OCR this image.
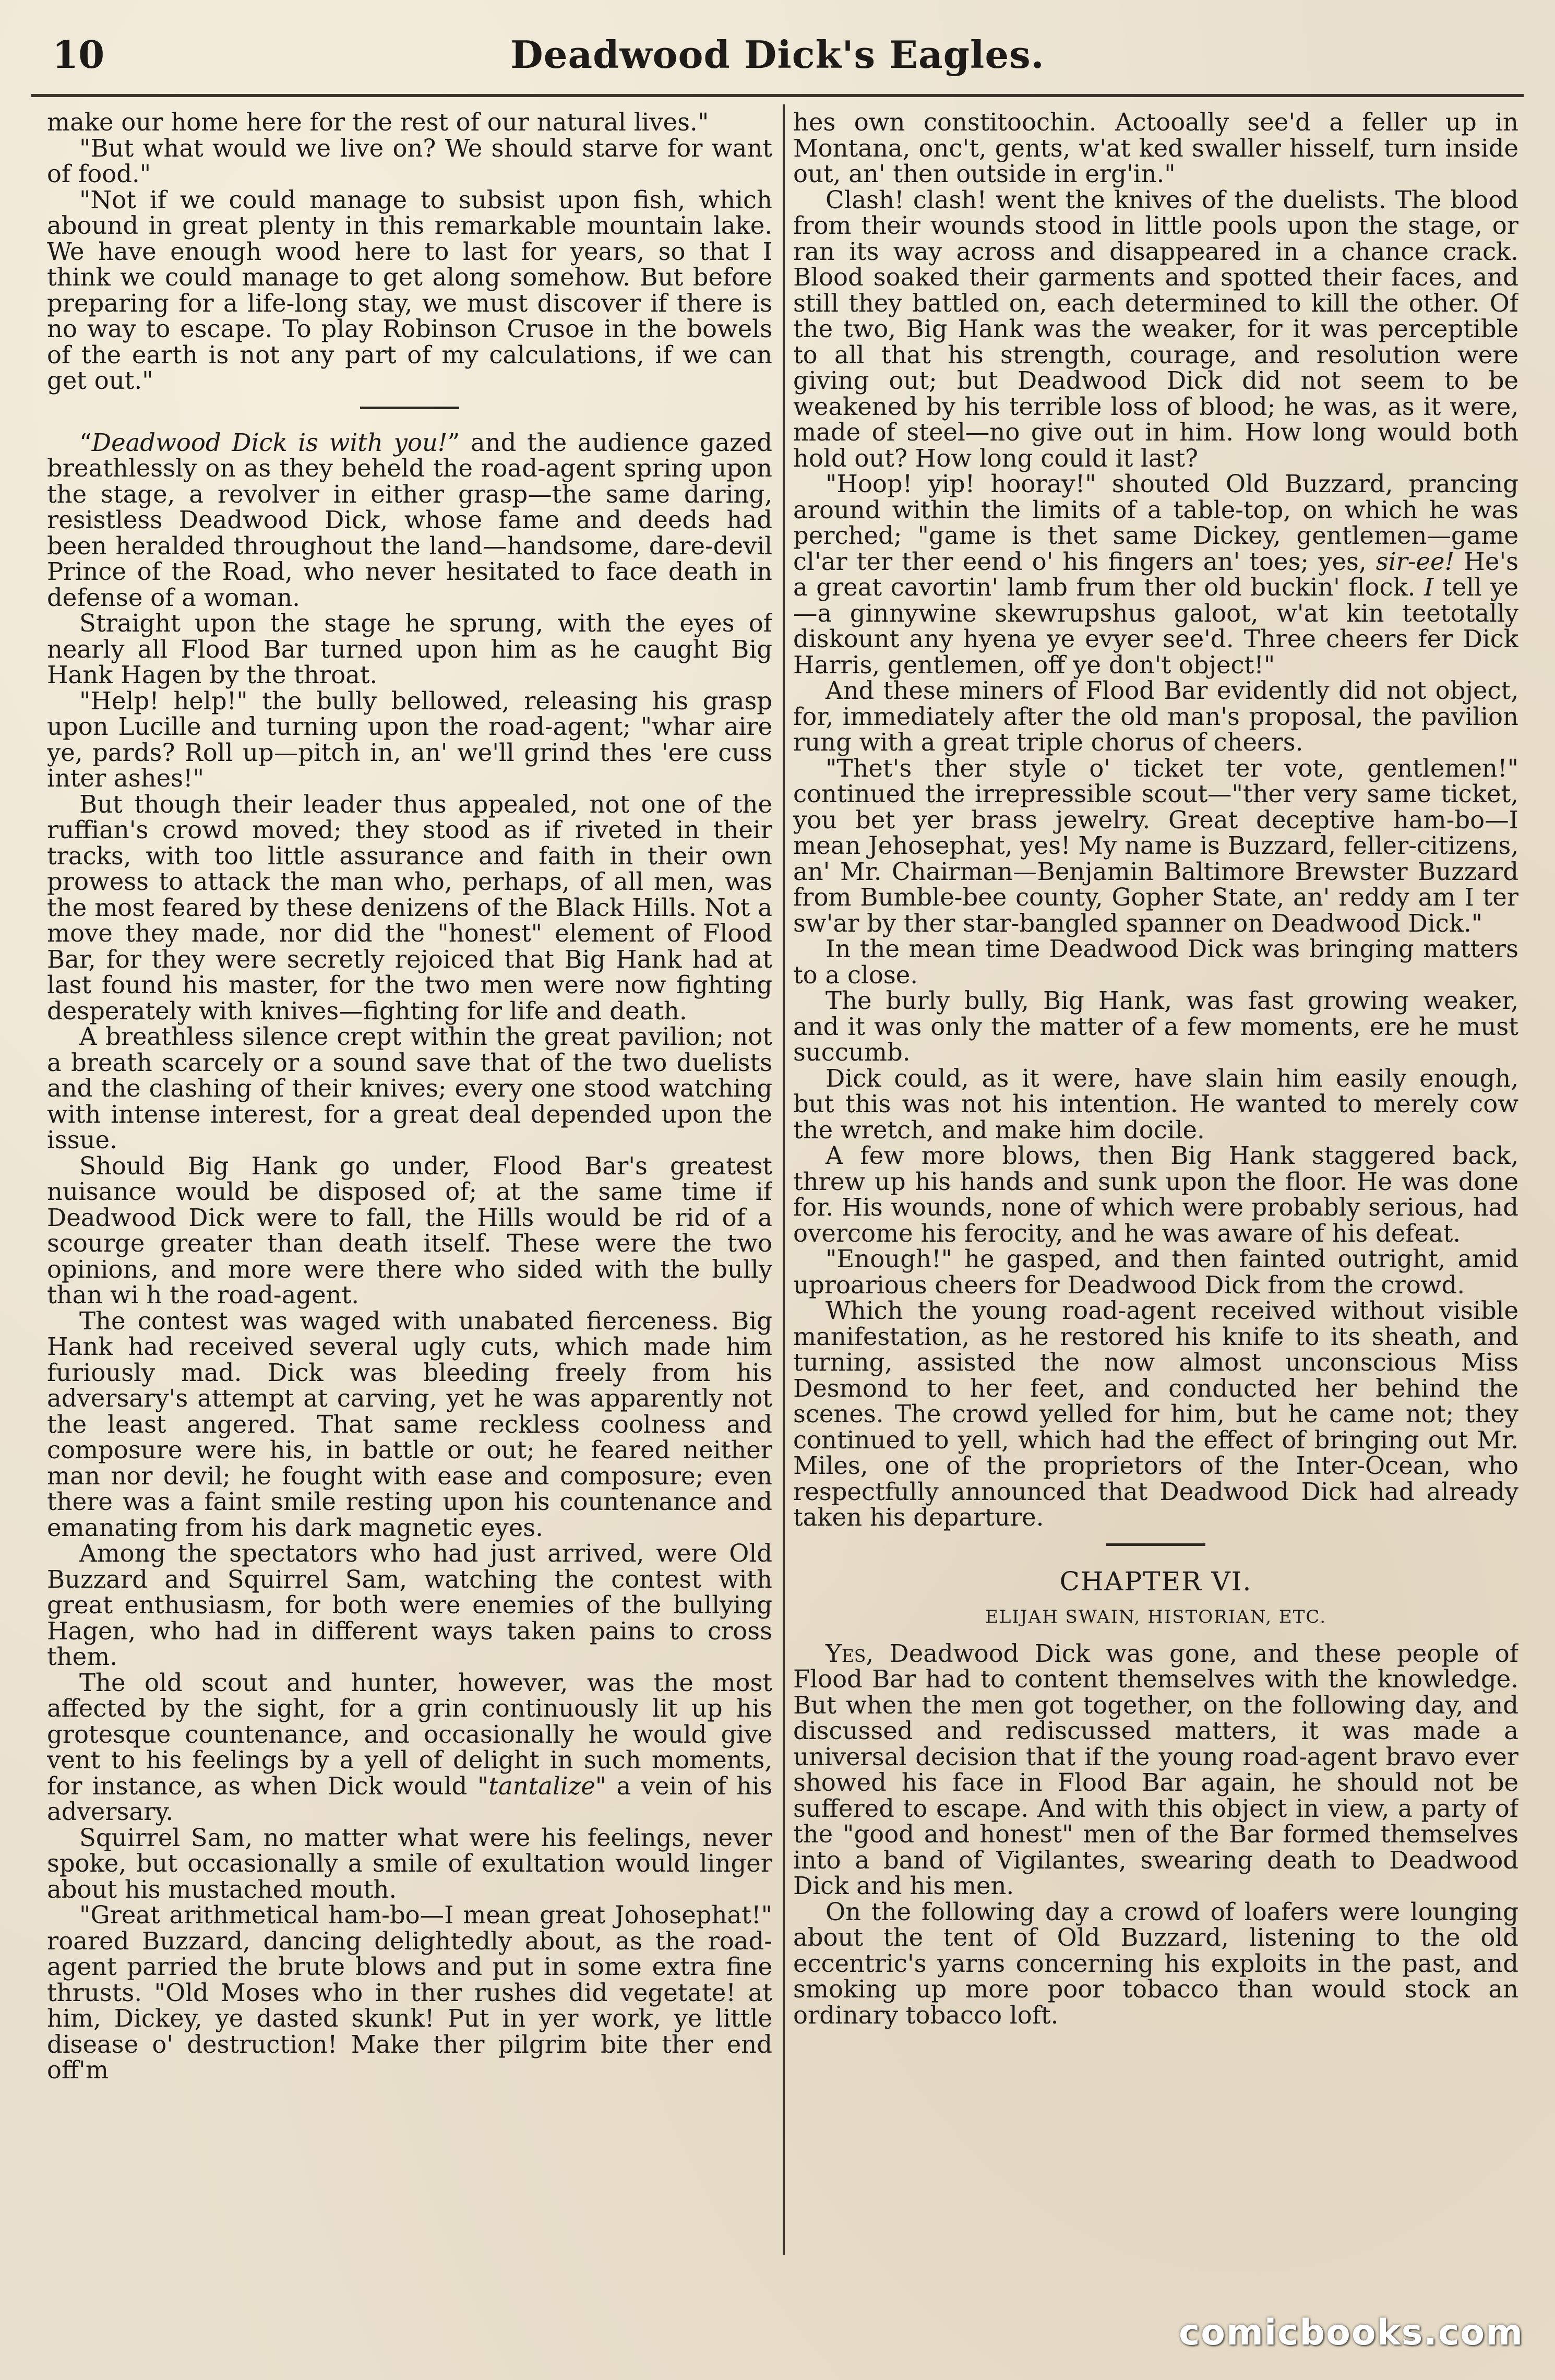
10	Deadwood Dick's Eagles.

make our home here for the rest of our natural lives."

"But what would we live on? We should starve for want of food."

"Not if we could manage to subsist upon fish, which abound in great plenty in this remarkable mountain lake. We have enough wood here to last for years, so that I think we could manage to get along somehow. But before preparing for a life-long stay, we must discover if there is no way to escape. To play Robinson Crusoe in the bowels of the earth is not any part of my calculations, if we can get out."

“Deadwood Dick is with you!” and the audience gazed breathlessly on as they beheld the road-agent spring upon the stage, a revolver in either grasp—the same daring, resistless Deadwood Dick, whose fame and deeds had been heralded throughout the land—handsome, dare-devil Prince of the Road, who never hesitated to face death in defense of a woman.

Straight upon the stage he sprung, with the eyes of nearly all Flood Bar turned upon him as he caught Big Hank Hagen by the throat.

"Help! help!" the bully bellowed, releasing his grasp upon Lucille and turning upon the road-agent; "whar aire ye, pards? Roll up—pitch in, an' we'll grind thes 'ere cuss inter ashes!"

But though their leader thus appealed, not one of the ruffian's crowd moved; they stood as if riveted in their tracks, with too little assurance and faith in their own prowess to attack the man who, perhaps, of all men, was the most feared by these denizens of the Black Hills. Not a move they made, nor did the "honest" element of Flood Bar, for they were secretly rejoiced that Big Hank had at last found his master, for the two men were now fighting desperately with knives—fighting for life and death.

A breathless silence crept within the great pavilion; not a breath scarcely or a sound save that of the two duelists and the clashing of their knives; every one stood watching with intense interest, for a great deal depended upon the issue.

Should Big Hank go under, Flood Bar's greatest nuisance would be disposed of; at the same time if Deadwood Dick were to fall, the Hills would be rid of a scourge greater than death itself. These were the two opinions, and more were there who sided with the bully than wi h the road-agent.

The contest was waged with unabated fierceness. Big Hank had received several ugly cuts, which made him furiously mad. Dick was bleeding freely from his adversary's attempt at carving, yet he was apparently not the least angered. That same reckless coolness and composure were his, in battle or out; he feared neither man nor devil; he fought with ease and composure; even there was a faint smile resting upon his countenance and emanating from his dark magnetic eyes.

Among the spectators who had just arrived, were Old Buzzard and Squirrel Sam, watching the contest with great enthusiasm, for both were enemies of the bullying Hagen, who had in different ways taken pains to cross them.

The old scout and hunter, however, was the most affected by the sight, for a grin continuously lit up his grotesque countenance, and occasionally he would give vent to his feelings by a yell of delight in such moments, for instance, as when Dick would "tantalize" a vein of his adversary.

Squirrel Sam, no matter what were his feelings, never spoke, but occasionally a smile of exultation would linger about his mustached mouth.

"Great arithmetical ham-bo—I mean great Johosephat!" roared Buzzard, dancing delightedly about, as the road-agent parried the brute blows and put in some extra fine thrusts. "Old Moses who in ther rushes did vegetate! at him, Dickey, ye dasted skunk! Put in yer work, ye little disease o' destruction! Make ther pilgrim bite ther end off'm

hes own constitoochin. Actooally see'd a feller up in Montana, onc't, gents, w'at ked swaller hisself, turn inside out, an' then outside in erg'in."

Clash! clash! went the knives of the duelists. The blood from their wounds stood in little pools upon the stage, or ran its way across and disappeared in a chance crack. Blood soaked their garments and spotted their faces, and still they battled on, each determined to kill the other. Of the two, Big Hank was the weaker, for it was perceptible to all that his strength, courage, and resolution were giving out; but Deadwood Dick did not seem to be weakened by his terrible loss of blood; he was, as it were, made of steel—no give out in him. How long would both hold out? How long could it last?

"Hoop! yip! hooray!" shouted Old Buzzard, prancing around within the limits of a table-top, on which he was perched; "game is thet same Dickey, gentlemen—game cl'ar ter ther eend o' his fingers an' toes; yes, sir-ee! He's a great cavortin' lamb frum ther old buckin' flock. I tell ye—a ginnywine skewrupshus galoot, w'at kin teetotally diskount any hyena ye evyer see'd. Three cheers fer Dick Harris, gentlemen, off ye don't object!"

And these miners of Flood Bar evidently did not object, for, immediately after the old man's proposal, the pavilion rung with a great triple chorus of cheers.

"Thet's ther style o' ticket ter vote, gentlemen!" continued the irrepressible scout—"ther very same ticket, you bet yer brass jewelry. Great deceptive ham-bo—I mean Jehosephat, yes! My name is Buzzard, feller-citizens, an' Mr. Chairman—Benjamin Baltimore Brewster Buzzard from Bumble-bee county, Gopher State, an' reddy am I ter sw'ar by ther star-bangled spanner on Deadwood Dick."

In the mean time Deadwood Dick was bringing matters to a close.

The burly bully, Big Hank, was fast growing weaker, and it was only the matter of a few moments, ere he must succumb.

Dick could, as it were, have slain him easily enough, but this was not his intention. He wanted to merely cow the wretch, and make him docile.

A few more blows, then Big Hank staggered back, threw up his hands and sunk upon the floor. He was done for. His wounds, none of which were probably serious, had overcome his ferocity, and he was aware of his defeat.

"Enough!" he gasped, and then fainted outright, amid uproarious cheers for Deadwood Dick from the crowd.

Which the young road-agent received without visible manifestation, as he restored his knife to its sheath, and turning, assisted the now almost unconscious Miss Desmond to her feet, and conducted her behind the scenes. The crowd yelled for him, but he came not; they continued to yell, which had the effect of bringing out Mr. Miles, one of the proprietors of the Inter-Ocean, who respectfully announced that Deadwood Dick had already taken his departure.

CHAPTER VI.
ELIJAH SWAIN, HISTORIAN, ETC.

Yes, Deadwood Dick was gone, and these people of Flood Bar had to content themselves with the knowledge. But when the men got together, on the following day, and discussed and rediscussed matters, it was made a universal decision that if the young road-agent bravo ever showed his face in Flood Bar again, he should not be suffered to escape. And with this object in view, a party of the "good and honest" men of the Bar formed themselves into a band of Vigilantes, swearing death to Deadwood Dick and his men.

On the following day a crowd of loafers were lounging about the tent of Old Buzzard, listening to the old eccentric's yarns concerning his exploits in the past, and smoking up more poor tobacco than would stock an ordinary tobacco loft.

comicbooks.com
